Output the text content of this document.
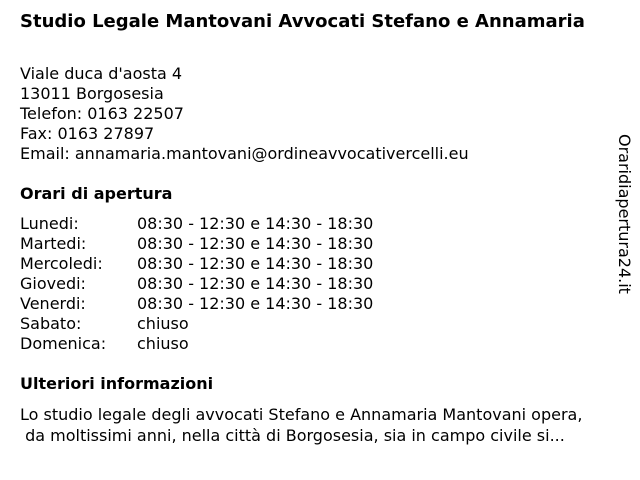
Studio Legale Mantovani Avvocati Stefano e Annamaria
Viale duca d'aosta 4
13011 Borgosesia
Telefon: 0163 22507
Fax: 0163 27897
Email: annamaria.mantovani@ordineavvocativercelli.eu
Orari di apertura
Lunedi:	08:30 - 12:30 e 14:30 - 18:30
Martedi:	08:30 - 12:30 e 14:30 - 18:30
Mercoledi: 08:30 - 12:30 e 14:30 - 18:30
Giovedi:	08:30 - 12:30 e 14:30 - 18:30
Venerdi:	08:30 - 12:30 e 14:30 - 18:30
Sabato:	chiuso
Domenica: chiuso
Ulteriori informazioni
Lo studio legale degli avvocati Stefano e Annamaria Mantovani opera,
da moltissimi anni, nella città di Borgosesia, sia in campo civile si...
Oraridiapertura24.it
